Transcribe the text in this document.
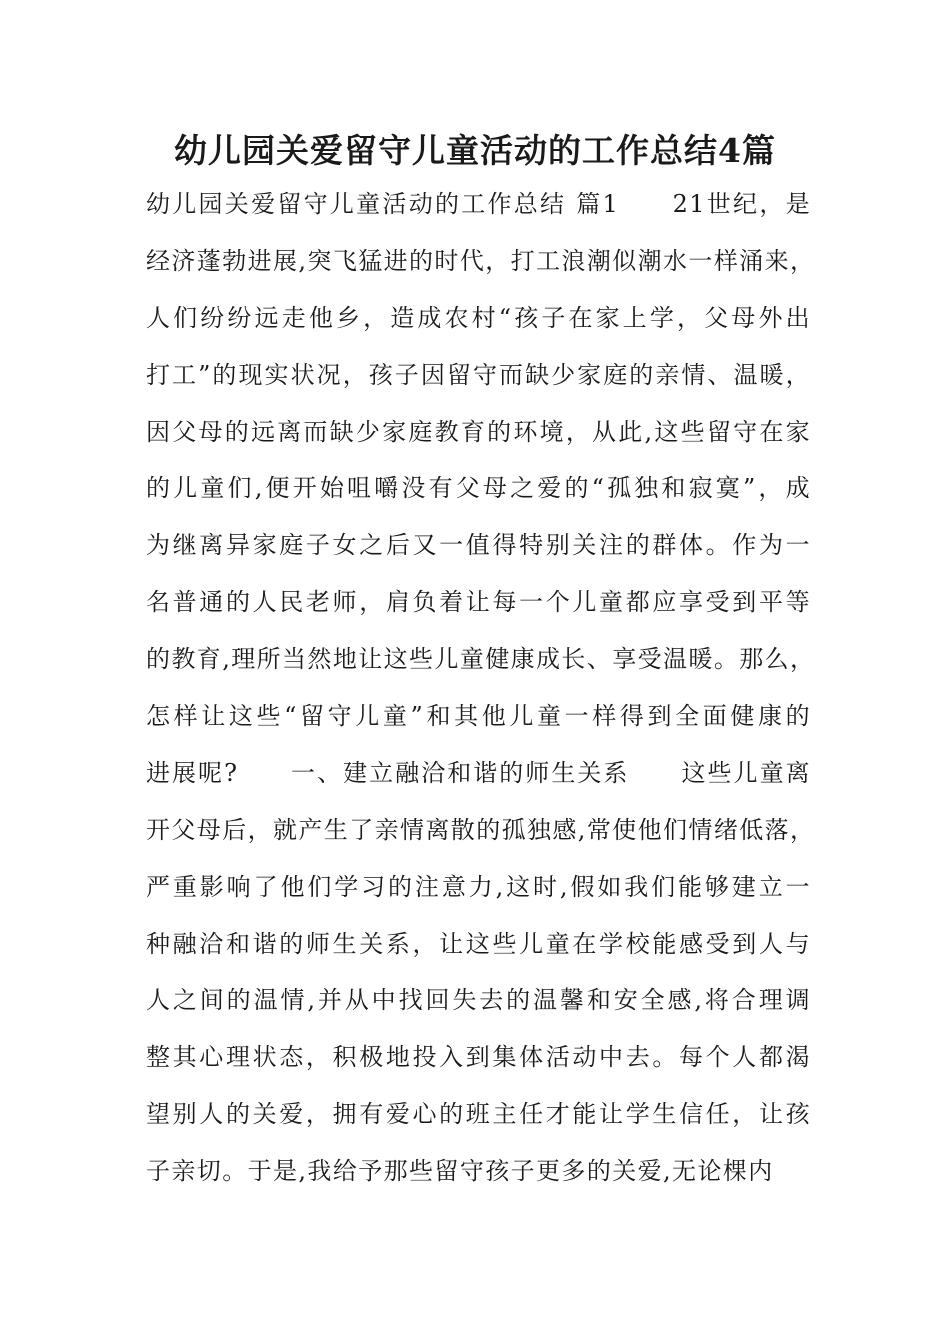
幼儿园关爱留守儿童活动的工作总结4篇
幼儿园关爱留守儿童活动的工作总结 篇1　　21世纪，是
经济蓬勃进展,突飞猛进的时代，打工浪潮似潮水一样涌来，
人们纷纷远走他乡，造成农村“孩子在家上学，父母外出
打工”的现实状况，孩子因留守而缺少家庭的亲情、温暖，
因父母的远离而缺少家庭教育的环境，从此,这些留守在家
的儿童们,便开始咀嚼没有父母之爱的“孤独和寂寞”，成
为继离异家庭子女之后又一值得特别关注的群体。作为一
名普通的人民老师，肩负着让每一个儿童都应享受到平等
的教育,理所当然地让这些儿童健康成长、享受温暖。那么，
怎样让这些“留守儿童”和其他儿童一样得到全面健康的
进展呢?　　一、建立融洽和谐的师生关系　　这些儿童离
开父母后，就产生了亲情离散的孤独感,常使他们情绪低落，
严重影响了他们学习的注意力,这时,假如我们能够建立一
种融洽和谐的师生关系，让这些儿童在学校能感受到人与
人之间的温情,并从中找回失去的温馨和安全感,将合理调
整其心理状态，积极地投入到集体活动中去。每个人都渴
望别人的关爱，拥有爱心的班主任才能让学生信任，让孩
子亲切。于是,我给予那些留守孩子更多的关爱,无论棵内
